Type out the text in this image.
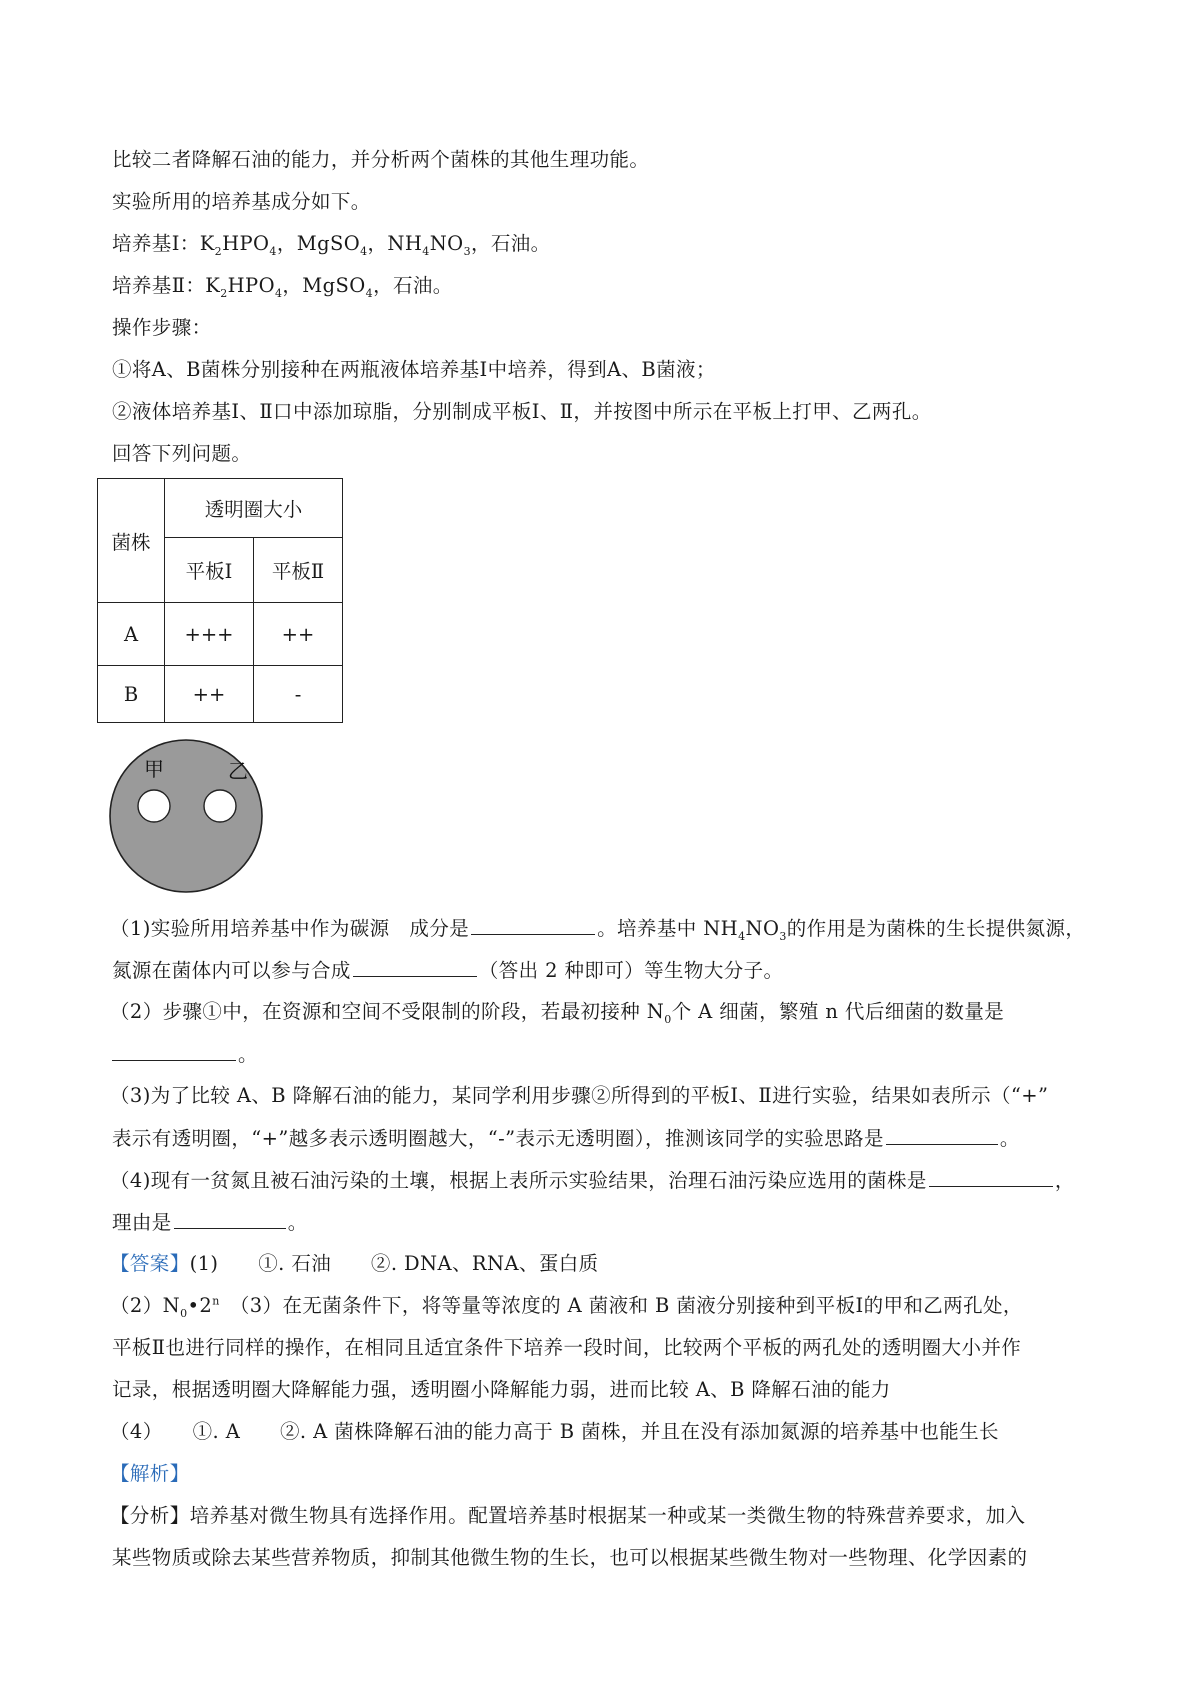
比较二者降解石油的能力，并分析两个菌株的其他生理功能。
实验所用的培养基成分如下。
培养基Ⅰ：$K_2HPO_4$，MgSO$_4$，$NH_4NO_3$，石油。
培养基Ⅱ：$K_2HPO_4$，MgSO$_4$，石油。
操作步骤：
①将A、B菌株分别接种在两瓶液体培养基Ⅰ中培养，得到A、B菌液；
②液体培养基Ⅰ、Ⅱ口中添加琼脂，分别制成平板Ⅰ、Ⅱ，并按图中所示在平板上打甲、乙两孔。
回答下列问题。
菌株	透明圈大小	
	平板Ⅰ	平板Ⅱ
A	+++	++
B	++	-
甲	乙
（1)实验所用培养基中作为碳源　 成分是	。培养基中 $NH_4NO_3$的作用是为菌株的生长提供氮源，
氮源在菌体内可以参与合成	（答出 2 种即可）等生物大分子。
（2）步骤①中，在资源和空间不受限制的阶段，若最初接种 $N_0$个 A 细菌，繁殖 n 代后细菌的数量是
。
（3)为了比较 A、B 降解石油的能力，某同学利用步骤②所得到的平板Ⅰ、Ⅱ进行实验，结果如表所示（“+”
表示有透明圈，“+”越多表示透明圈越大，“-”表示无透明圈），推测该同学的实验思路是	。
（4)现有一贫氮且被石油污染的土壤，根据上表所示实验结果，治理石油污染应选用的菌株是	，
理由是	。
【答案】(1)　　①. 石油　　②. DNA、RNA、蛋白质
$(2)N_0•2^n$　（3）在无菌条件下，将等量等浓度的 A 菌液和 B 菌液分别接种到平板Ⅰ的甲和乙两孔处，
平板Ⅱ也进行同样的操作，在相同且适宜条件下培养一段时间，比较两个平板的两孔处的透明圈大小并作
记录，根据透明圈大降解能力强，透明圈小降解能力弱，进而比较 A、B 降解石油的能力
（4）　　①. A　　②. A 菌株降解石油的能力高于 B 菌株，并且在没有添加氮源的培养基中也能生长
【解析】
【分析】培养基对微生物具有选择作用。配置培养基时根据某一种或某一类微生物的特殊营养要求，加入
某些物质或除去某些营养物质，抑制其他微生物的生长，也可以根据某些微生物对一些物理、化学因素的
